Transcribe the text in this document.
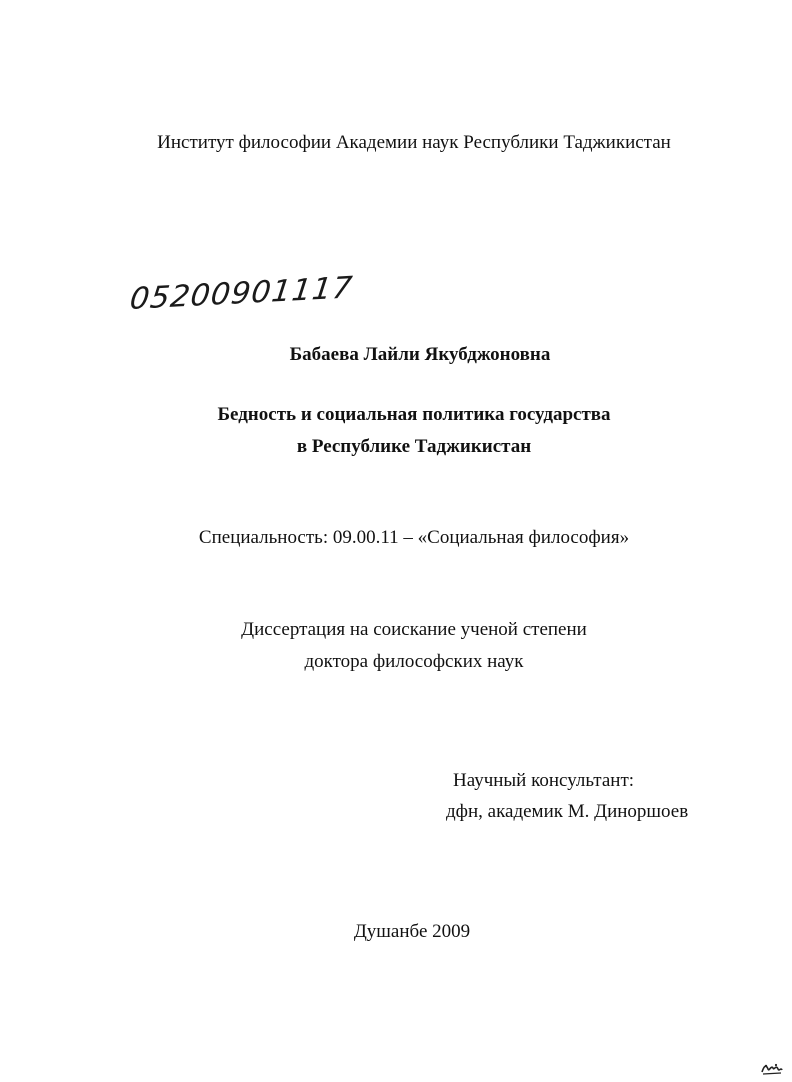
Институт философии Академии наук Республики Таджикистан
05200901117
Бабаева Лайли Якубджоновна
Бедность и социальная политика государства
в Республике Таджикистан
Специальность: 09.00.11 – «Социальная философия»
Диссертация на соискание ученой степени
доктора философских наук
Научный консультант:
дфн, академик М. Диноршоев
Душанбе 2009
